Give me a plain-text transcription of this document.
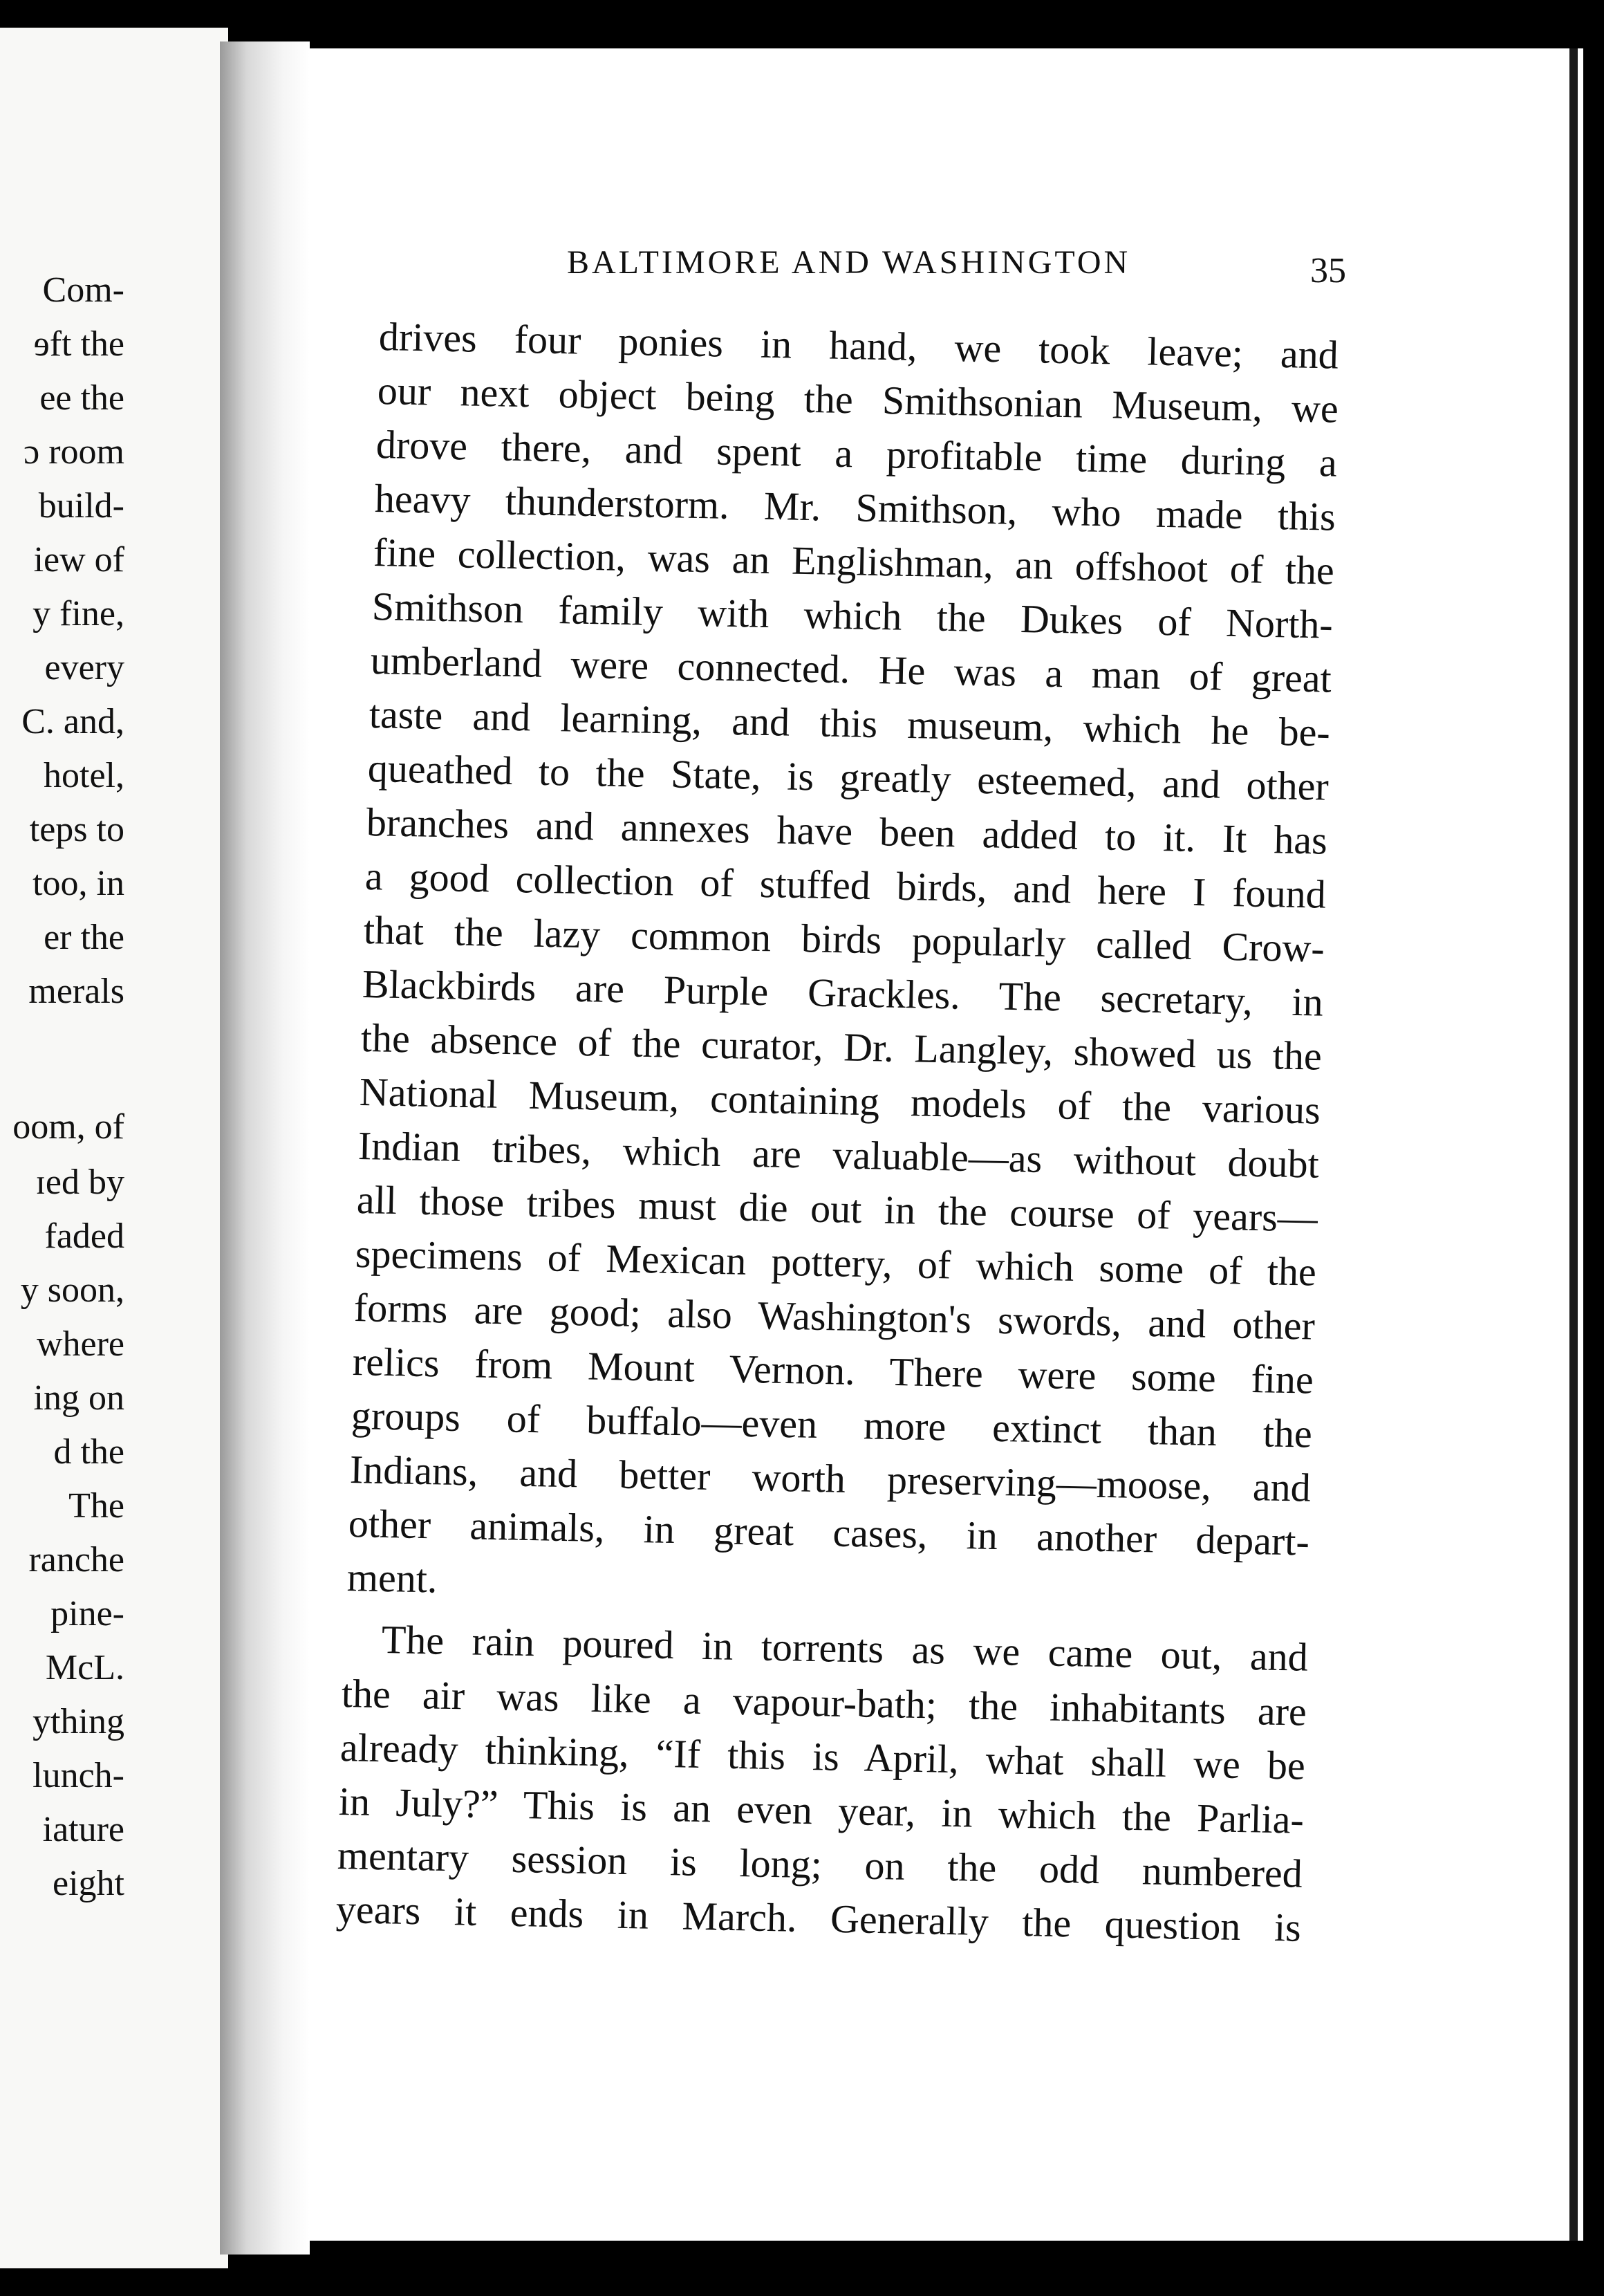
Com-
ɘft the
ee the
ɔ room
build-
iew of
y fine,
every
C. and,
hotel,
teps to
too, in
er the
merals
oom, of
ɪed by
faded
y soon,
where
ing on
d the
The
ranche
pine-
McL.
ything
lunch-
iature
eight
BALTIMORE AND WASHINGTON	35
drives four ponies in hand, we took leave; and
our next object being the Smithsonian Museum, we
drove there, and spent a profitable time during a
heavy thunderstorm. Mr. Smithson, who made this
fine collection, was an Englishman, an offshoot of the
Smithson family with which the Dukes of North-
umberland were connected. He was a man of great
taste and learning, and this museum, which he be-
queathed to the State, is greatly esteemed, and other
branches and annexes have been added to it. It has
a good collection of stuffed birds, and here I found
that the lazy common birds popularly called Crow-
Blackbirds are Purple Grackles. The secretary, in
the absence of the curator, Dr. Langley, showed us the
National Museum, containing models of the various
Indian tribes, which are valuable—as without doubt
all those tribes must die out in the course of years—
specimens of Mexican pottery, of which some of the
forms are good; also Washington's swords, and other
relics from Mount Vernon. There were some fine
groups of buffalo—even more extinct than the
Indians, and better worth preserving—moose, and
other animals, in great cases, in another depart-
ment.
The rain poured in torrents as we came out, and
the air was like a vapour-bath; the inhabitants are
already thinking, “If this is April, what shall we be
in July?” This is an even year, in which the Parlia-
mentary session is long; on the odd numbered
years it ends in March. Generally the question is
